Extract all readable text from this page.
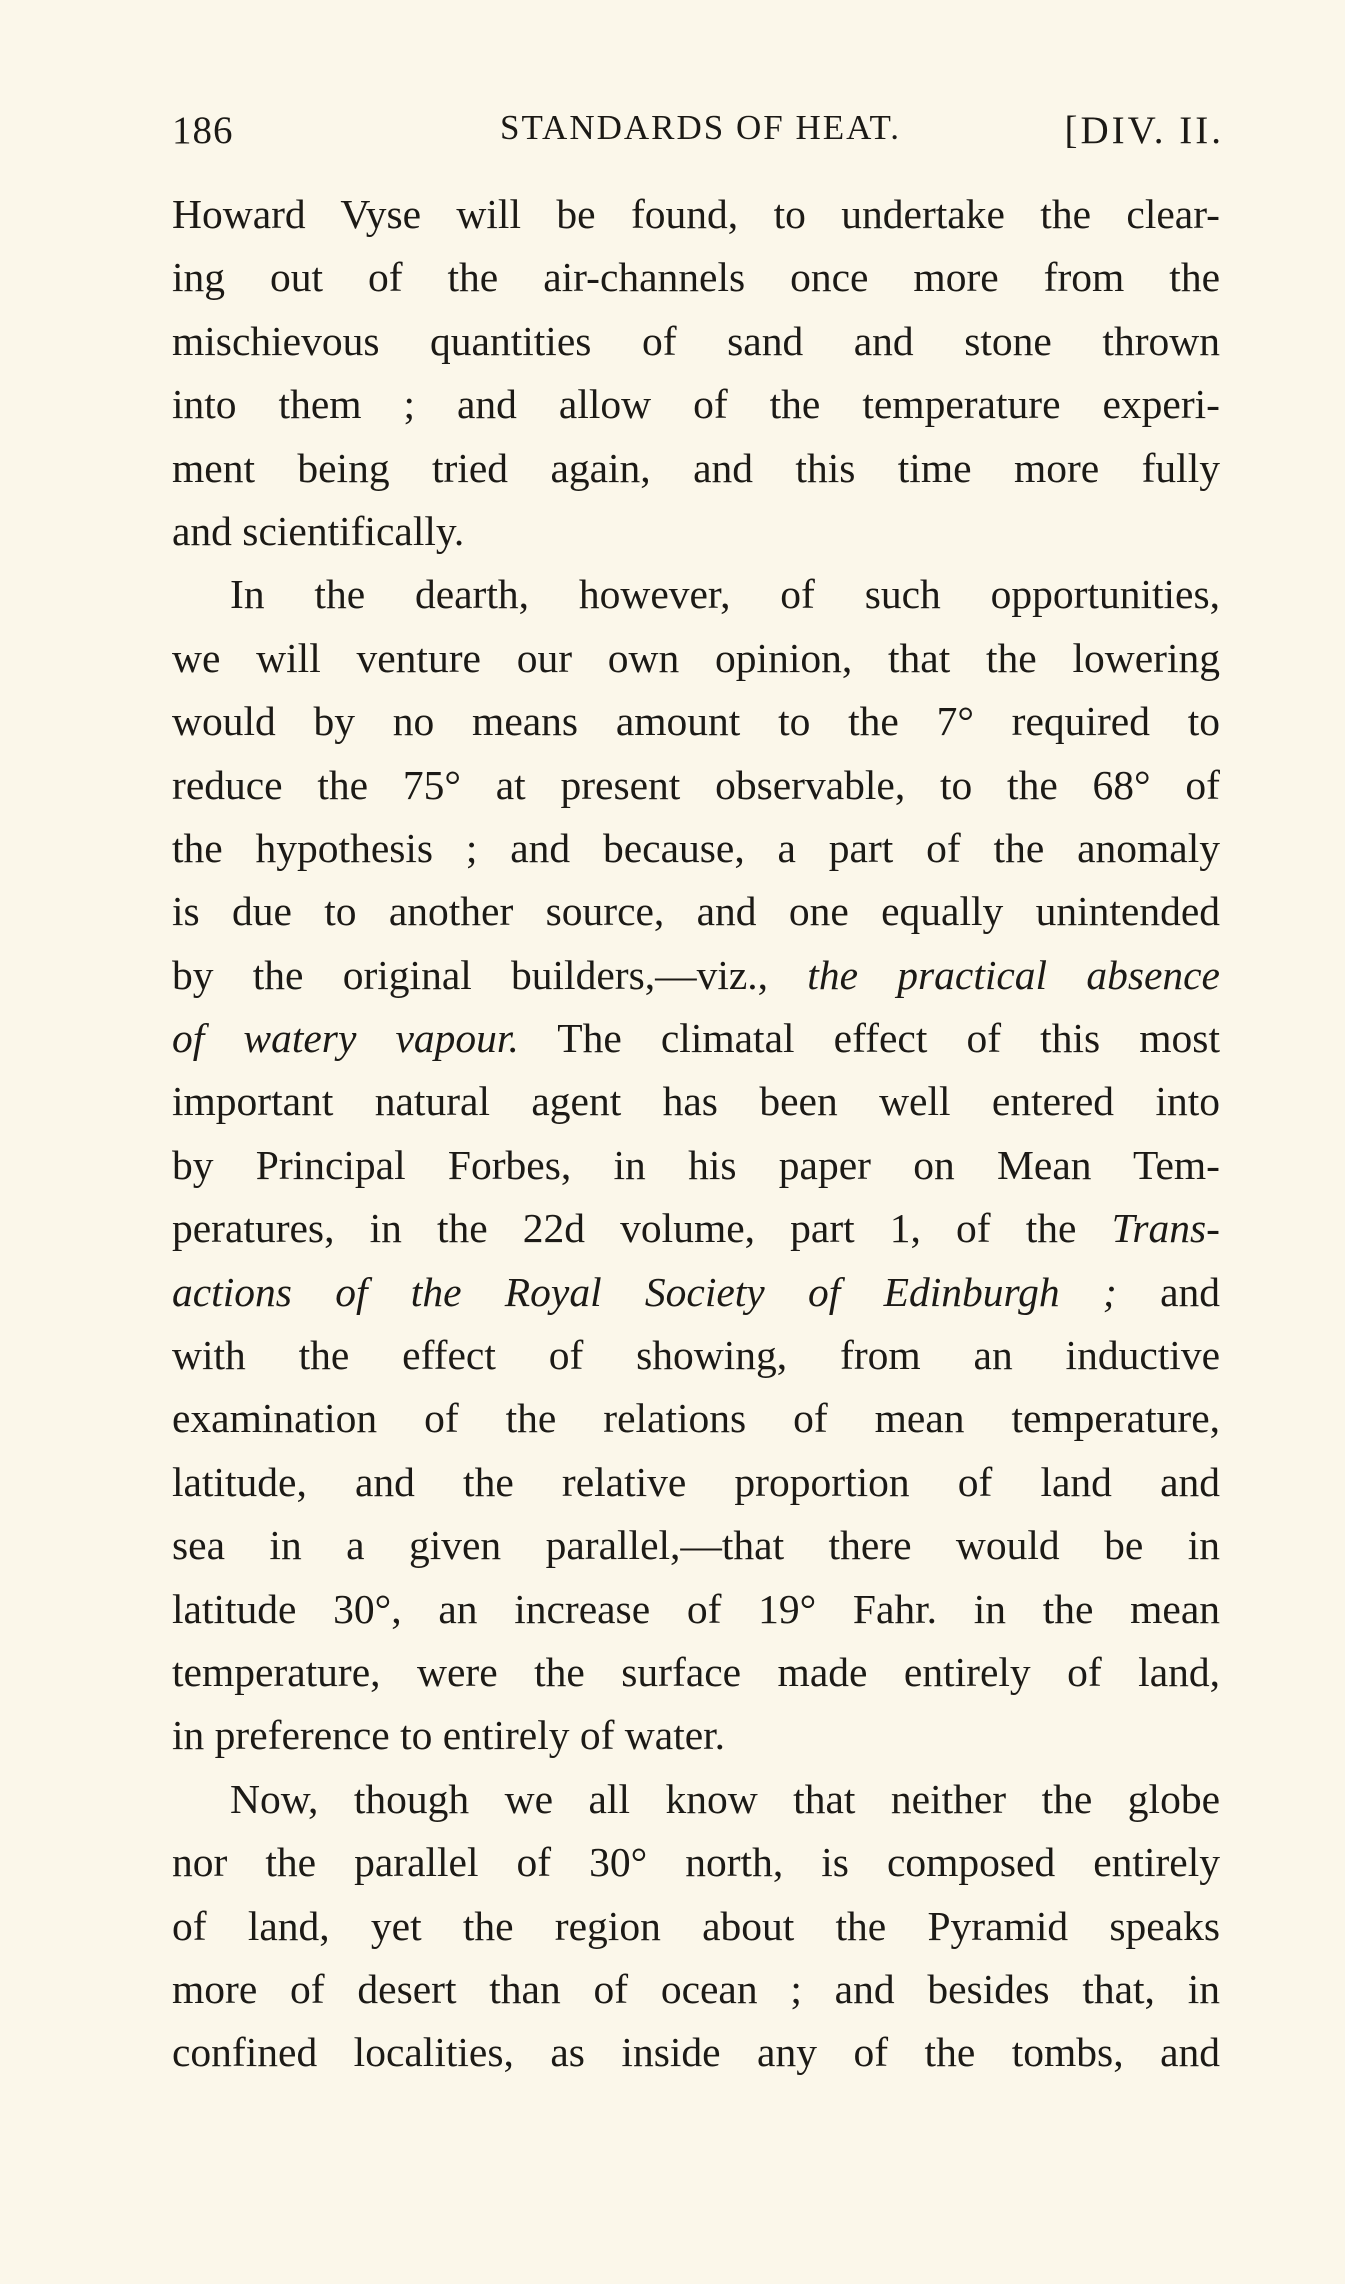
186	STANDARDS OF HEAT.	[DIV. II.
Howard Vyse will be found, to undertake the clear-
ing out of the air-channels once more from the
mischievous quantities of sand and stone thrown
into them ; and allow of the temperature experi-
ment being tried again, and this time more fully
and scientifically.
In the dearth, however, of such opportunities,
we will venture our own opinion, that the lowering
would by no means amount to the 7° required to
reduce the 75° at present observable, to the 68° of
the hypothesis ; and because, a part of the anomaly
is due to another source, and one equally unintended
by the original builders,—viz., the practical absence
of watery vapour. The climatal effect of this most
important natural agent has been well entered into
by Principal Forbes, in his paper on Mean Tem-
peratures, in the 22d volume, part 1, of the Trans-
actions of the Royal Society of Edinburgh ; and
with the effect of showing, from an inductive
examination of the relations of mean temperature,
latitude, and the relative proportion of land and
sea in a given parallel,—that there would be in
latitude 30°, an increase of 19° Fahr. in the mean
temperature, were the surface made entirely of land,
in preference to entirely of water.
Now, though we all know that neither the globe
nor the parallel of 30° north, is composed entirely
of land, yet the region about the Pyramid speaks
more of desert than of ocean ; and besides that, in
confined localities, as inside any of the tombs, and
